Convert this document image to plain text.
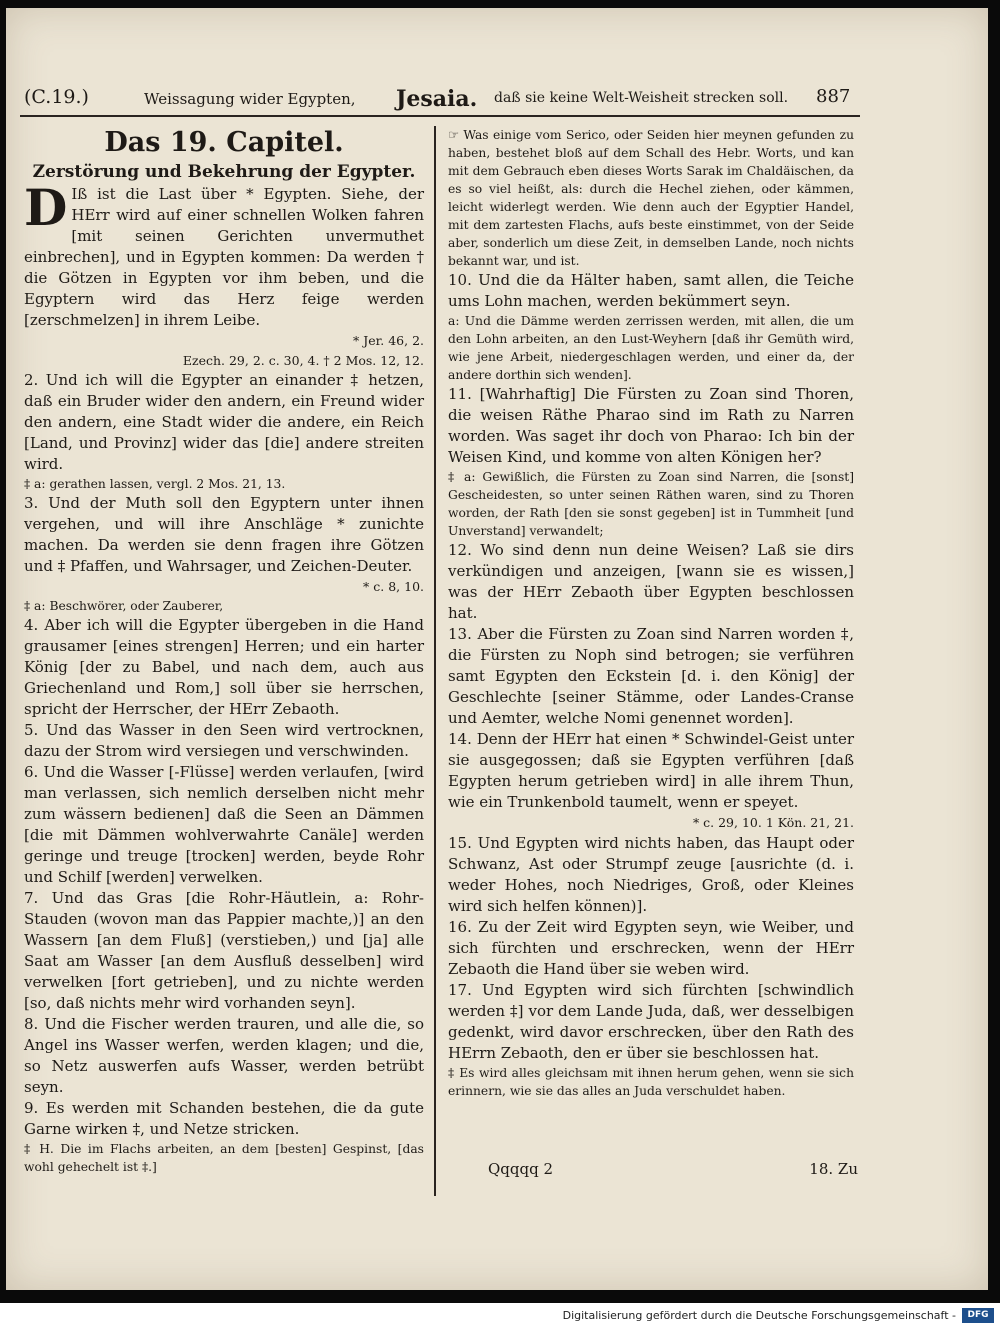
(C.19.)	Weissagung wider Egypten, Jesaia. daß sie keine Welt-Weisheit strecken soll. 887

Das 19. Capitel.

Zerstörung und Bekehrung der Egypter.

D Iß ist die Last über * Egypten. Siehe, der HErr wird auf einer schnellen Wolken fahren [mit seinen Gerichten unvermuthet einbrechen], und in Egypten kommen: Da werden † die Götzen in Egypten vor ihm beben, und die Egyptern wird das Herz feige werden [zerschmelzen] in ihrem Leibe.

* Jer. 46, 2.

Ezech. 29, 2. c. 30, 4. † 2 Mos. 12, 12.

2. Und ich will die Egypter an einander ‡ hetzen, daß ein Bruder wider den andern, ein Freund wider den andern, eine Stadt wider die andere, ein Reich [Land, und Provinz] wider das [die] andere streiten wird.

‡ a: gerathen lassen, vergl. 2 Mos. 21, 13.

3. Und der Muth soll den Egyptern unter ihnen vergehen, und will ihre Anschläge * zunichte machen. Da werden sie denn fragen ihre Götzen und ‡ Pfaffen, und Wahrsager, und Zeichen-Deuter.

* c. 8, 10.

‡ a: Beschwörer, oder Zauberer,

4. Aber ich will die Egypter übergeben in die Hand grausamer [eines strengen] Herren; und ein harter König [der zu Babel, und nach dem, auch aus Griechenland und Rom,] soll über sie herrschen, spricht der Herrscher, der HErr Zebaoth.

5. Und das Wasser in den Seen wird vertrocknen, dazu der Strom wird versiegen und verschwinden.

6. Und die Wasser [-Flüsse] werden verlaufen, [wird man verlassen, sich nemlich derselben nicht mehr zum wässern bedienen] daß die Seen an Dämmen [die mit Dämmen wohlverwahrte Canäle] werden geringe und treuge [trocken] werden, beyde Rohr und Schilf [werden] verwelken.

7. Und das Gras [die Rohr-Häutlein, a: Rohr-Stauden (wovon man das Pappier machte,)] an den Wassern [an dem Fluß] (verstieben,) und [ja] alle Saat am Wasser [an dem Ausfluß desselben] wird verwelken [fort getrieben], und zu nichte werden [so, daß nichts mehr wird vorhanden seyn].

8. Und die Fischer werden trauren, und alle die, so Angel ins Wasser werfen, werden klagen; und die, so Netz auswerfen aufs Wasser, werden betrübt seyn.

9. Es werden mit Schanden bestehen, die da gute Garne wirken ‡, und Netze stricken.

‡ H. Die im Flachs arbeiten, an dem [besten] Gespinst, [das wohl gehechelt ist ‡.]

☞ Was einige vom Serico, oder Seiden hier meynen gefunden zu haben, bestehet bloß auf dem Schall des Hebr. Worts, und kan mit dem Gebrauch eben dieses Worts Sarak im Chaldäischen, da es so viel heißt, als: durch die Hechel ziehen, oder kämmen, leicht widerlegt werden. Wie denn auch der Egyptier Handel, mit dem zartesten Flachs, aufs beste einstimmet, von der Seide aber, sonderlich um diese Zeit, in demselben Lande, noch nichts bekannt war, und ist.

10. Und die da Hälter haben, samt allen, die Teiche ums Lohn machen, werden bekümmert seyn.

a: Und die Dämme werden zerrissen werden, mit allen, die um den Lohn arbeiten, an den Lust-Weyhern [daß ihr Gemüth wird, wie jene Arbeit, niedergeschlagen werden, und einer da, der andere dorthin sich wenden].

11. [Wahrhaftig] Die Fürsten zu Zoan sind Thoren, die weisen Räthe Pharao sind im Rath zu Narren worden. Was saget ihr doch von Pharao: Ich bin der Weisen Kind, und komme von alten Königen her?

‡ a: Gewißlich, die Fürsten zu Zoan sind Narren, die [sonst] Gescheidesten, so unter seinen Räthen waren, sind zu Thoren worden, der Rath [den sie sonst gegeben] ist in Tummheit [und Unverstand] verwandelt;

12. Wo sind denn nun deine Weisen? Laß sie dirs verkündigen und anzeigen, [wann sie es wissen,] was der HErr Zebaoth über Egypten beschlossen hat.

13. Aber die Fürsten zu Zoan sind Narren worden ‡, die Fürsten zu Noph sind betrogen; sie verführen samt Egypten den Eckstein [d. i. den König] der Geschlechte [seiner Stämme, oder Landes-Cranse und Aemter, welche Nomi genennet worden].

14. Denn der HErr hat einen * Schwindel-Geist unter sie ausgegossen; daß sie Egypten verführen [daß Egypten herum getrieben wird] in alle ihrem Thun, wie ein Trunkenbold taumelt, wenn er speyet.

* c. 29, 10. 1 Kön. 21, 21.

15. Und Egypten wird nichts haben, das Haupt oder Schwanz, Ast oder Strumpf zeuge [ausrichte (d. i. weder Hohes, noch Niedriges, Groß, oder Kleines wird sich helfen können)].

16. Zu der Zeit wird Egypten seyn, wie Weiber, und sich fürchten und erschrecken, wenn der HErr Zebaoth die Hand über sie weben wird.

17. Und Egypten wird sich fürchten [schwindlich werden ‡] vor dem Lande Juda, daß, wer desselbigen gedenkt, wird davor erschrecken, über den Rath des HErrn Zebaoth, den er über sie beschlossen hat.

‡ Es wird alles gleichsam mit ihnen herum gehen, wenn sie sich erinnern, wie sie das alles an Juda verschuldet haben.

Qqqqq 2	18. Zu
Digitalisierung gefördert durch die Deutsche Forschungsgemeinschaft -	DFG
